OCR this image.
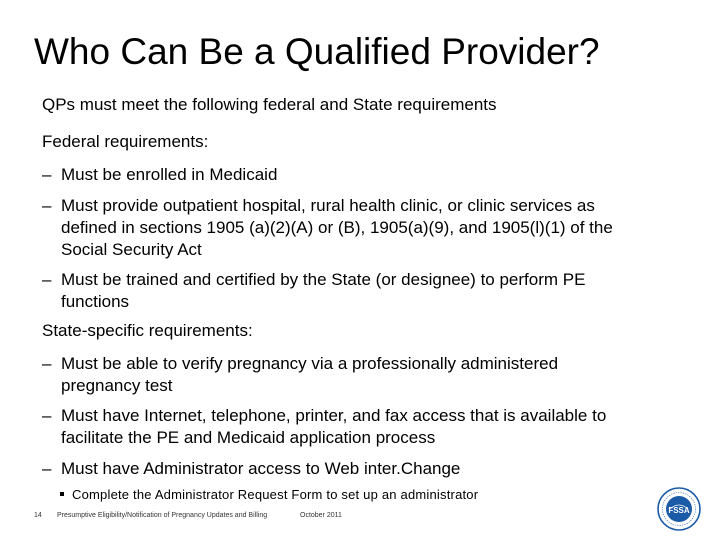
Who Can Be a Qualified Provider?
QPs must meet the following federal and State requirements
Federal requirements:
– Must be enrolled in Medicaid
– Must provide outpatient hospital, rural health clinic, or clinic services as defined in sections 1905 (a)(2)(A) or (B), 1905(a)(9), and 1905(l)(1) of the Social Security Act
– Must be trained and certified by the State (or designee) to perform PE functions
State-specific requirements:
– Must be able to verify pregnancy via a professionally administered pregnancy test
– Must have Internet, telephone, printer, and fax access that is available to facilitate the PE and Medicaid application process
– Must have Administrator access to Web inter.Change
Complete the Administrator Request Form to set up an administrator
14 Presumptive Eligibility/Notification of Pregnancy Updates and Billing	October 2011
FSSA
